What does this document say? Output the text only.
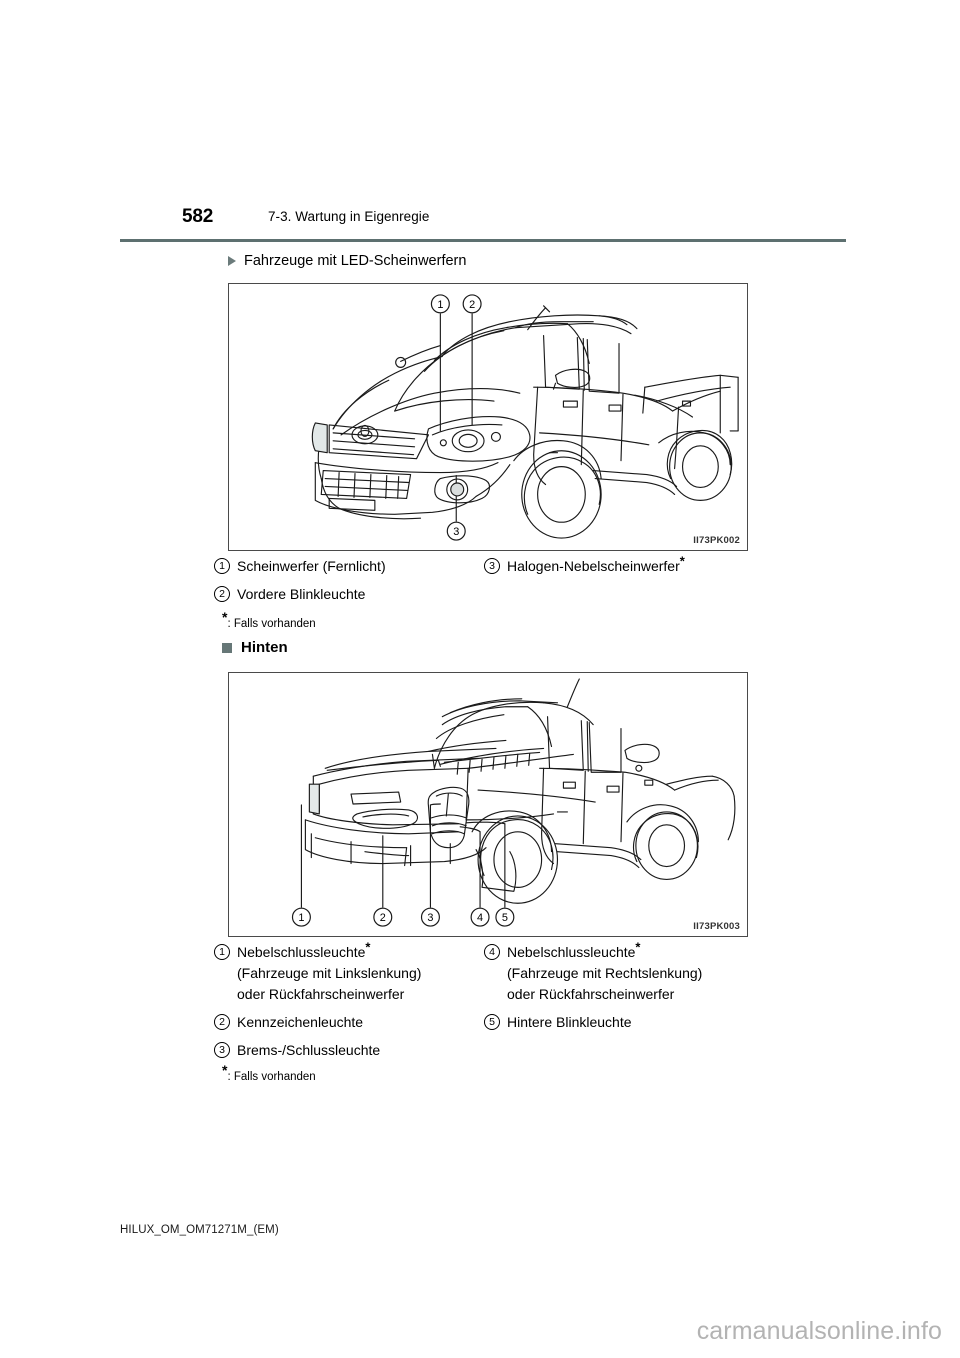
582	7-3. Wartung in Eigenregie
Fahrzeuge mit LED-Scheinwerfern
1 2
3
II73PK002
1 Scheinwerfer (Fernlicht)
2 Vordere Blinkleuchte
3 Halogen-Nebelscheinwerfer*
*: Falls vorhanden
Hinten
1	2	3	4 5
II73PK003
1 Nebelschlussleuchte*
(Fahrzeuge mit Linkslenkung)
oder Rückfahrscheinwerfer
2 Kennzeichenleuchte
3 Brems-/Schlussleuchte
4 Nebelschlussleuchte*
(Fahrzeuge mit Rechtslenkung)
oder Rückfahrscheinwerfer
5 Hintere Blinkleuchte
*: Falls vorhanden
HILUX_OM_OM71271M_(EM)
carmanualsonline.info
